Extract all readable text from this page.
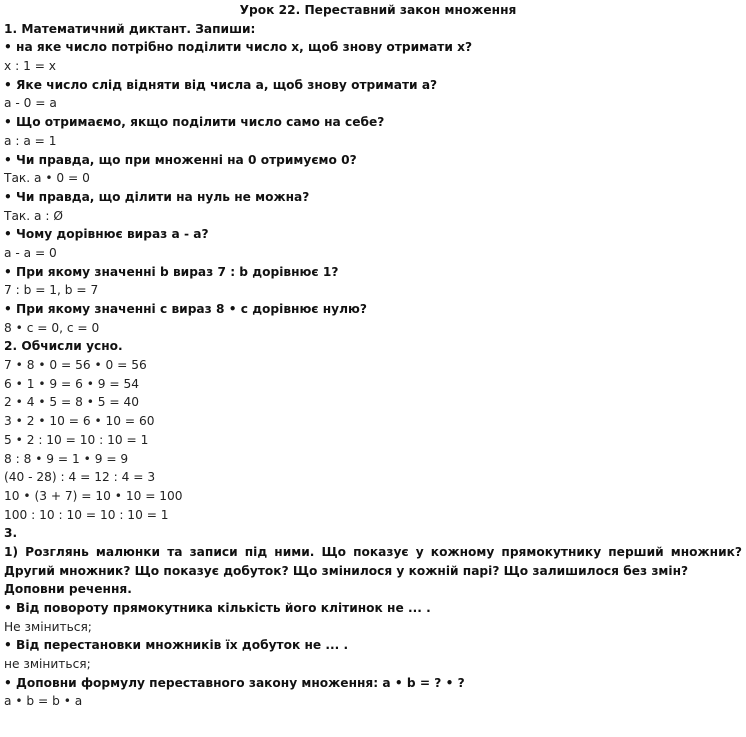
Урок 22. Переставний закон множення
1. Математичний диктант. Запиши:
• на яке число потрібно поділити число х, щоб знову отримати х?
х : 1 = х
• Яке число слід відняти від числа а, щоб знову отримати а?
а - 0 = а
• Що отримаємо, якщо поділити число само на себе?
а : а = 1
• Чи правда, що при множенні на 0 отримуємо 0?
Так. а • 0 = 0
• Чи правда, що ділити на нуль не можна?
Так. а : Ø
• Чому дорівнює вираз а - а?
а - а = 0
• При якому значенні b вираз 7 : b дорівнює 1?
7 : b = 1, b = 7
• При якому значенні с вираз 8 • с дорівнює нулю?
8 • с = 0, с = 0
2. Обчисли усно.
7 • 8 • 0 = 56 • 0 = 56
6 • 1 • 9 = 6 • 9 = 54
2 • 4 • 5 = 8 • 5 = 40
3 • 2 • 10 = 6 • 10 = 60
5 • 2 : 10 = 10 : 10 = 1
8 : 8 • 9 = 1 • 9 = 9
(40 - 28) : 4 = 12 : 4 = 3
10 • (3 + 7) = 10 • 10 = 100
100 : 10 : 10 = 10 : 10 = 1
3.
1) Розглянь малюнки та записи під ними. Що показує у кожному прямокутнику перший множник? Другий множник? Що показує добуток? Що змінилося у кожній парі? Що залишилося без змін?
Доповни речення.
• Від повороту прямокутника кількість його клітинок не ... .
Не зміниться;
• Від перестановки множників їх добуток не ... .
не зміниться;
• Доповни формулу переставного закону множення: а • b = ? • ?
а • b = b • а
